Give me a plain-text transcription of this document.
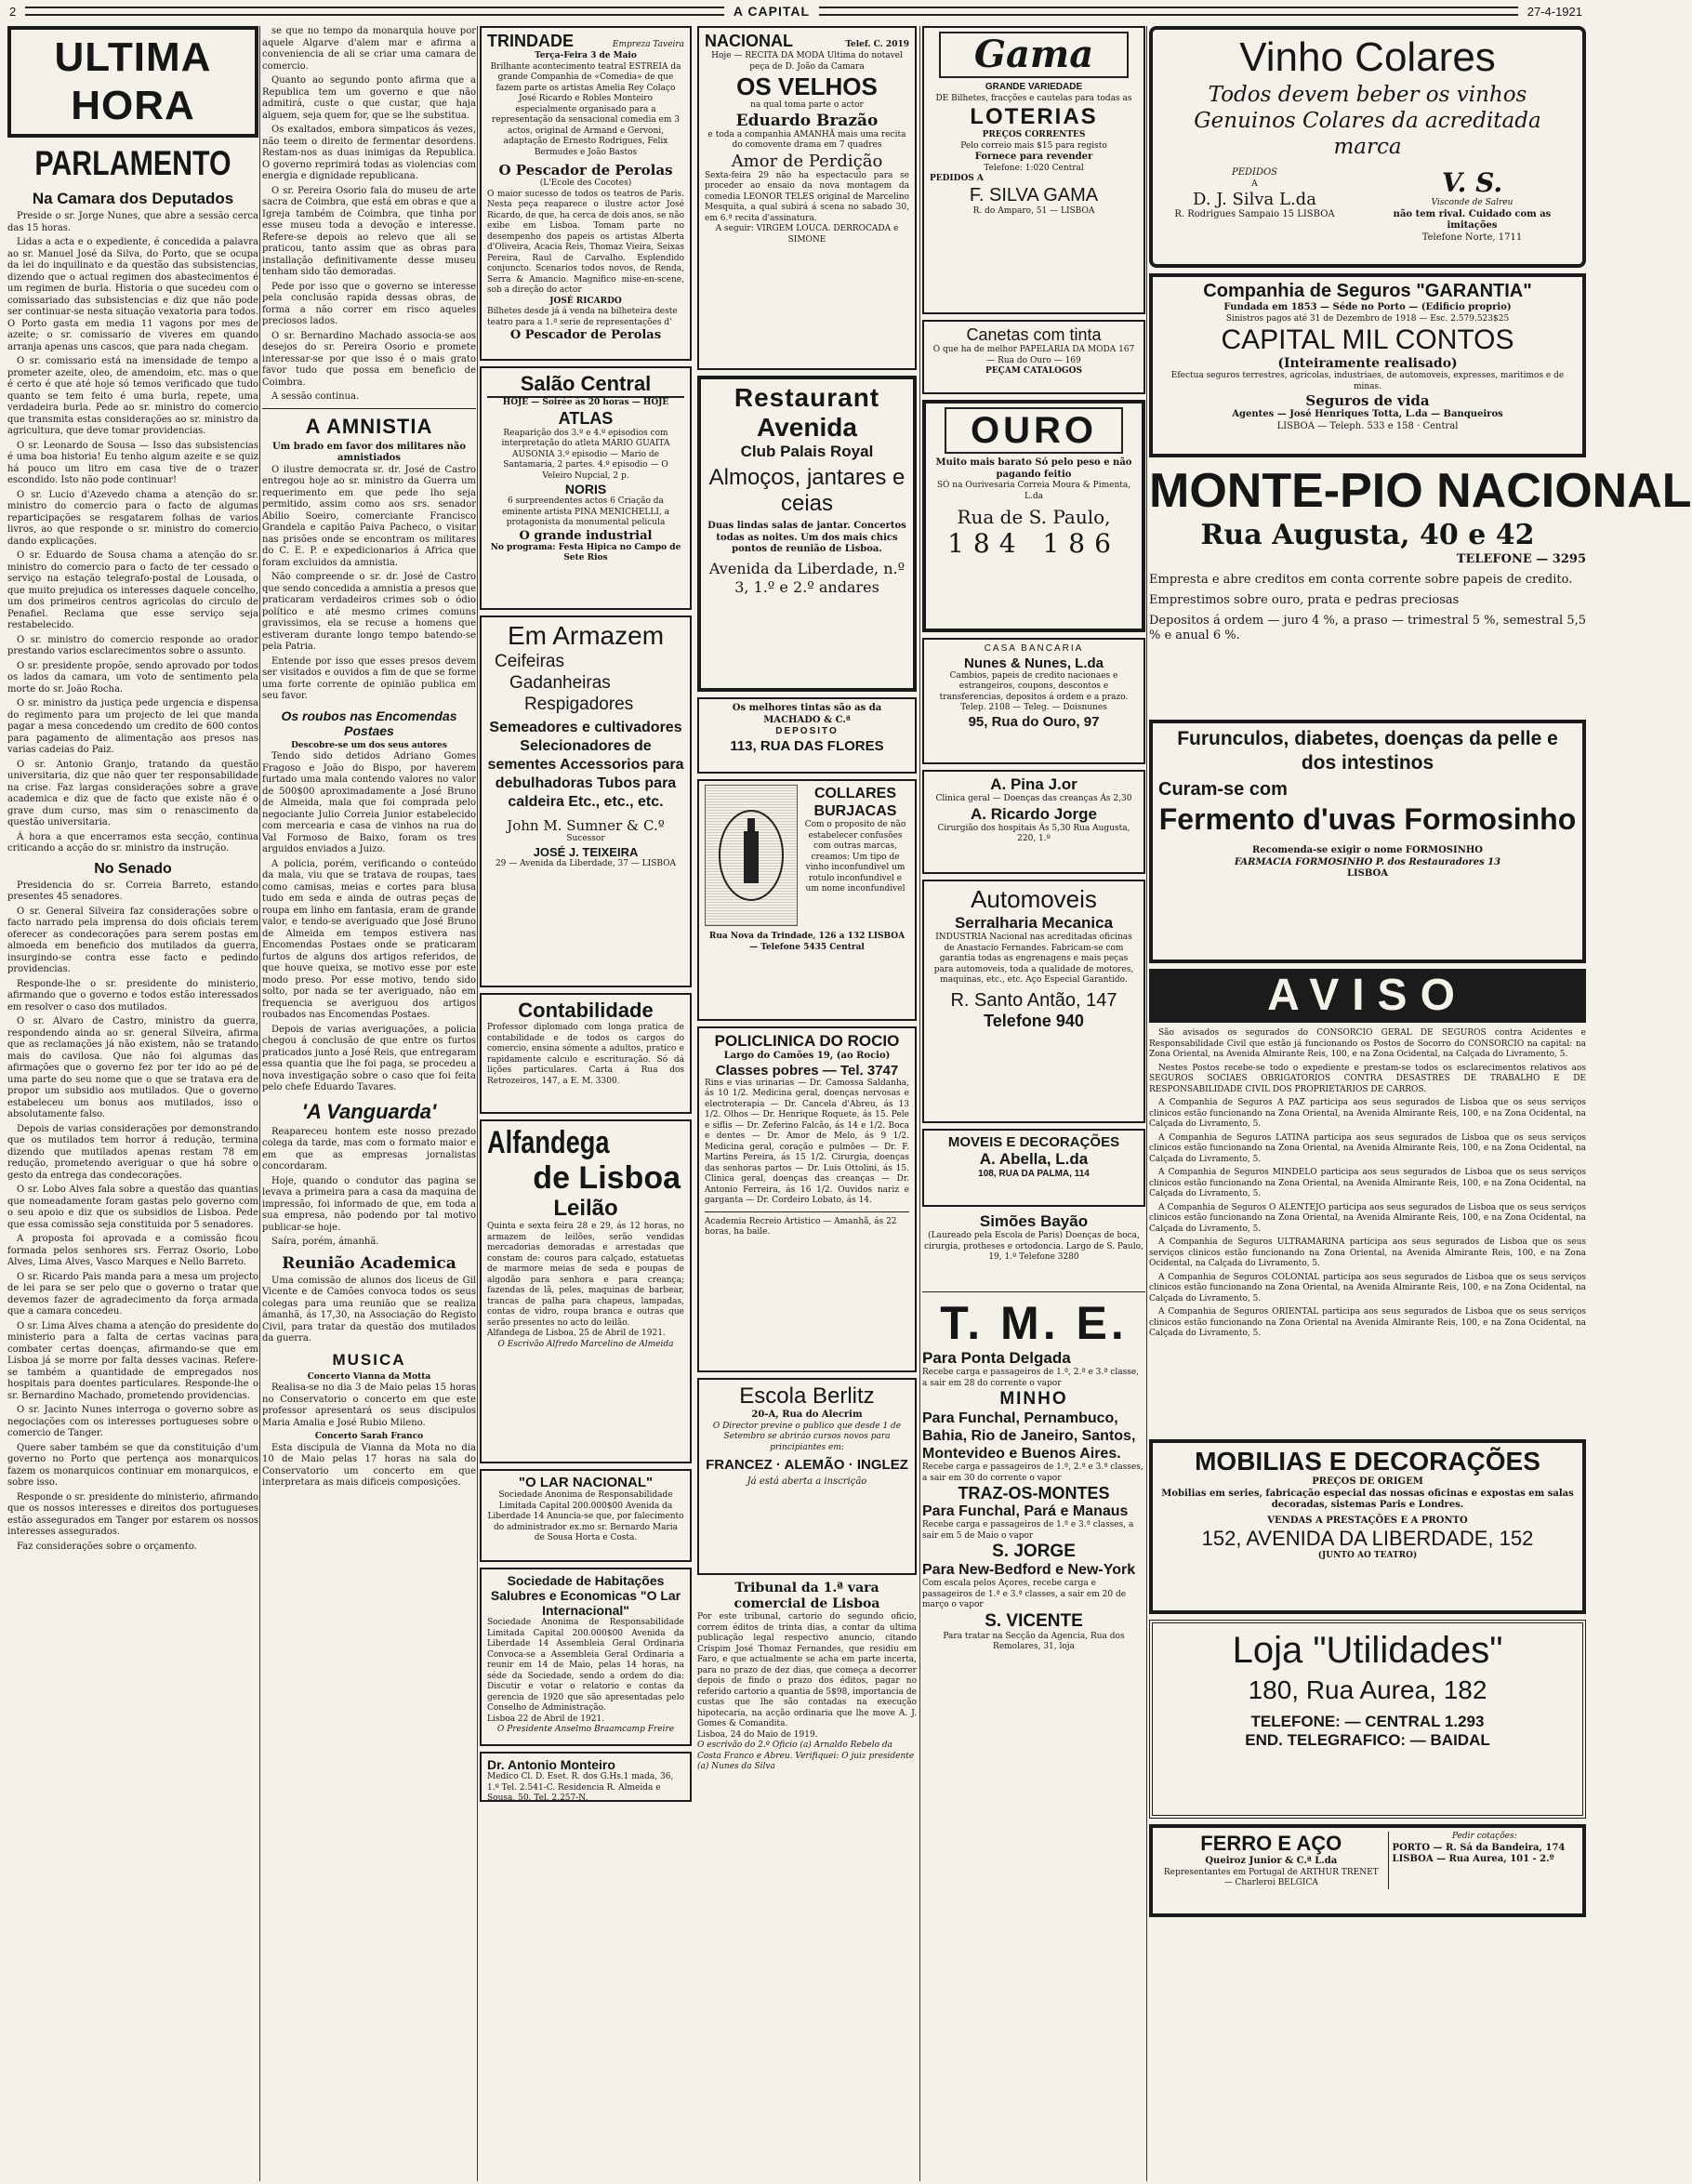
2	A CAPITAL	27-4-1921
ULTIMA HORA
PARLAMENTO
Na Camara dos Deputados

Preside o sr. Jorge Nunes, que abre a sessão cerca das 15 horas.

Lidas a acta e o expediente, é concedida a palavra ao sr. Manuel José da Silva, do Porto, que se ocupa da lei do inquilinato e da questão das subsistencias, dizendo que o actual regimen dos abastecimentos é um regimen de burla. Historia o que sucedeu com o comissariado das subsistencias e diz que não pode ser continuar-se nesta situação vexatoria para todos. O Porto gasta em media 11 vagons por mes de azeite; o sr. comissario de viveres em quando arranja apenas uns cascos, que para nada chegam.

O sr. comissario está na imensidade de tempo a prometer azeite, oleo, de amendoim, etc. mas o que é certo é que até hoje só temos verificado que tudo quanto se tem feito é uma burla, repete, uma verdadeira burla. Pede ao sr. ministro do comercio que transmita estas considerações ao sr. ministro da agricultura, que deve tomar providencias.

O sr. Leonardo de Sousa — Isso das subsistencias é uma boa historia! Eu tenho algum azeite e se quiz há pouco um litro em casa tive de o trazer escondido. Isto não pode continuar!

O sr. Lucio d'Azevedo chama a atenção do sr. ministro do comercio para o facto de algumas reparticipações se resgatarem folhas de varios livros, ao que responde o sr. ministro do comercio dando explicações.

O sr. Eduardo de Sousa chama a atenção do sr. ministro do comercio para o facto de ter cessado o serviço na estação telegrafo-postal de Lousada, o que muito prejudica os interesses daquele concelho, um dos primeiros centros agricolas do circulo de Penafiel. Reclama que esse serviço seja restabelecido.

O sr. ministro do comercio responde ao orador prestando varios esclarecimentos sobre o assunto.

O sr. presidente propõe, sendo aprovado por todos os lados da camara, um voto de sentimento pela morte do sr. João Rocha.

O sr. ministro da justiça pede urgencia e dispensa do regimento para um projecto de lei que manda pagar a mesa concedendo um credito de 600 contos para pagamento de alimentação aos presos nas varias cadeias do Paiz.

O sr. Antonio Granjo, tratando da questão universitaria, diz que não quer ter responsabilidade na crise. Faz largas considerações sobre a grave academica e diz que de facto que existe não é o grave dum curso, mas sim o renascimento da questão universitaria.

Á hora a que encerramos esta secção, continua criticando a acção do sr. ministro da instrução.

No Senado

Presidencia do sr. Correia Barreto, estando presentes 45 senadores.

O sr. General Silveira faz considerações sobre o facto narrado pela imprensa do dois oficiais terem oferecer as condecorações para serem postas em almoeda em beneficio dos mutilados da guerra, insurgindo-se contra esse facto e pedindo providencias.

Responde-lhe o sr. presidente do ministerio, afirmando que o governo e todos estão interessados em resolver o caso dos mutilados.

O sr. Alvaro de Castro, ministro da guerra, respondendo ainda ao sr. general Silveira, afirma que as reclamações já não existem, não se tratando mais do cavilosa. Que não foi algumas das afirmações que o governo fez por ter ido ao pé de uma parte do seu nome que o que se tratava era de propor um subsidio aos mutilados. Que o governo estabeleceu um bonus aos mutilados, isso o absolutamente falso.

Depois de varias considerações por demonstrando que os mutilados tem horror á redução, termina dizendo que mutilados apenas restam 78 em redução, prometendo averiguar o que há sobre o gesto da entrega das condecorações.

O sr. Lobo Alves fala sobre a questão das quantias que nomeadamente foram gastas pelo governo com o seu apoio e diz que os subsidios de Lisboa. Pede que essa comissão seja constituida por 5 senadores.

A proposta foi aprovada e a comissão ficou formada pelos senhores srs. Ferraz Osorio, Lobo Alves, Lima Alves, Vasco Marques e Nello Barreto.

O sr. Ricardo Pais manda para a mesa um projecto de lei para se ser pelo que o governo o tratar que devemos fazer de agradecimento da força armada que a camara concedeu.

O sr. Lima Alves chama a atenção do presidente do ministerio para a falta de certas vacinas para combater certas doenças, afirmando-se que em Lisboa já se morre por falta desses vacinas. Refere-se também a quantidade de empregados nos hospitais para doentes particulares. Responde-lhe o sr. Bernardino Machado, prometendo providencias.

O sr. Jacinto Nunes interroga o governo sobre as negociações com os interesses portugueses sobre o comercio de Tanger.

Quere saber também se que da constituição d'um governo no Porto que pertença aos monarquicos fazem os monarquicos continuar em monarquicos, e sobre isso.

Responde o sr. presidente do ministerio, afirmando que os nossos interesses e direitos dos portugueses estão assegurados em Tanger por estarem os nossos interesses assegurados.

Faz considerações sobre o orçamento.

se que no tempo da monarquia houve por aquele Algarve d'alem mar e afirma a conveniencia de ali se criar uma camara de comercio.

Quanto ao segundo ponto afirma que a Republica tem um governo e que não admitirá, custe o que custar, que haja alguem, seja quem for, que se lhe substitua.

Os exaltados, embora simpaticos ás vezes, não teem o direito de fermentar desordens. Restam-nos as duas inimigas da Republica. O governo reprimirá todas as violencias com energia e dignidade republicana.

O sr. Pereira Osorio fala do museu de arte sacra de Coimbra, que está em obras e que a Igreja também de Coimbra, que tinha por esse museu toda a devoção e interesse. Refere-se depois ao relevo que ali se praticou, tanto assim que as obras para installação definitivamente desse museu tenham sido tão demoradas.

Pede por isso que o governo se interesse pela conclusão rapida dessas obras, de forma a não correr em risco aqueles preciosos lados.

O sr. Bernardino Machado associa-se aos desejos do sr. Pereira Osorio e promete interessar-se por que isso é o mais grato favor tudo que possa em beneficio de Coimbra.

A sessão continua.

A AMNISTIA
Um brado em favor dos militares não amnistiados

O ilustre democrata sr. dr. José de Castro entregou hoje ao sr. ministro da Guerra um requerimento em que pede lho seja permitido, assim como aos srs. senador Abilio Soeiro, comerciante Francisco Grandela e capitão Paiva Pacheco, o visitar nas prisões onde se encontram os militares do C. E. P. e expedicionarios á Africa que foram excluidos da amnistia.

Não compreende o sr. dr. José de Castro que sendo concedida a amnistia a presos que praticaram verdadeiros crimes sob o ódio político e até mesmo crimes comuns gravissimos, ela se recuse a homens que estiveram durante longo tempo batendo-se pela Patria.

Entende por isso que esses presos devem ser visitados e ouvidos a fim de que se forme uma forte corrente de opinião publica em seu favor.

Os roubos nas Encomendas Postaes
Descobre-se um dos seus autores

Tendo sido detidos Adriano Gomes Fragoso e João do Bispo, por haverem furtado uma mala contendo valores no valor de 500$00 aproximadamente a José Bruno de Almeida, mala que foi comprada pelo negociante Julio Correia Junior estabelecido com mercearia e casa de vinhos na rua do Val Formoso de Baixo, foram os tres arguidos enviados a Juizo.

A policia, porém, verificando o conteúdo da mala, viu que se tratava de roupas, taes como camisas, meias e cortes para blusa tudo em seda e ainda de outras peças de roupa em linho em fantasia, eram de grande valor, e tendo-se averiguado que José Bruno de Almeida em tempos estivera nas Encomendas Postaes onde se praticaram furtos de alguns dos artigos referidos, de que houve queixa, se motivo esse por este modo preso. Por esse motivo, tendo sido solto, por nada se ter averiguado, não em frequencia se averiguou dos artigos roubados nas Encomendas Postaes.

Depois de varias averiguações, a policia chegou á conclusão de que entre os furtos praticados junto a José Reis, que entregaram essa quantia que lhe foi paga, se procedeu a nova investigação sobre o caso que foi feita pelo chefe Eduardo Tavares.

'A Vanguarda'

Reapareceu hontem este nosso prezado colega da tarde, mas com o formato maior e em que as empresas jornalistas concordaram.

Hoje, quando o condutor das pagina se levava a primeira para a casa da maquina de impressão, foi informado de que, em toda a sua empresa, não podendo por tal motivo publicar-se hoje.

Saíra, porém, ámanhã.

Reunião Academica

Uma comissão de alunos dos liceus de Gil Vicente e de Camões convoca todos os seus colegas para uma reunião que se realiza ámanhã, ás 17,30, na Associação do Registo Civil, para tratar da questão dos mutilados da guerra.

MUSICA
Concerto Vianna da Motta

Realisa-se no dia 3 de Maio pelas 15 horas no Conservatorio o concerto em que este professor apresentará os seus discipulos Maria Amalia e José Rubio Mileno.

Concerto Sarah Franco

Esta discipula de Vianna da Mota no dia 10 de Maio pelas 17 horas na sala do Conservatorio um concerto em que interpretara as mais dificeis composições.

TRINDADE	Empreza Taveira
Terça-Feira 3 de Maio
Brilhante acontecimento teatral ESTREIA da grande Companhia de «Comedia» de que fazem parte os artistas Amelia Rey Colaço José Ricardo e Robles Monteiro especialmente organisado para a representação da sensacional comedia em 3 actos, original de Armand e Gervoni, adaptação de Ernesto Rodrigues, Felix Bermudes e João Bastos
O Pescador de Perolas
(L'Ecole des Cocotes)
O maior sucesso de todos os teatros de Paris. Nesta peça reaparece o ilustre actor José Ricardo, de que, ha cerca de dois anos, se não exibe em Lisboa. Tomam parte no desempenho dos papeis os artistas Alberta d'Oliveira, Acacia Reis, Thomaz Vieira, Seixas Pereira, Raul de Carvalho. Esplendido conjuncto. Scenarios todos novos, de Renda, Serra & Amancio. Magnifico mise-en-scene, sob a direção do actor
JOSÉ RICARDO
Bilhetes desde já á venda na bilheteira deste teatro para a 1.ª serie de representações d'
O Pescador de Perolas
Salão Central
HOJE — Soirée ás 20 horas — HOJE
ATLAS
Reaparição dos 3.º e 4.º episodios com interpretação do atleta MARIO GUAITA AUSONIA 3.º episodio — Mario de Santamaria, 2 partes. 4.º episodio — O Veleiro Nupcial, 2 p.
NORIS
6 surpreendentes actos 6 Criação da eminente artista PINA MENICHELLI, a protagonista da monumental pelicula
O grande industrial
No programa: Festa Hipica no Campo de Sete Rios
Em Armazem
Ceifeiras
Gadanheiras
Respigadores
Semeadores e cultivadores Selecionadores de sementes Accessorios para debulhadoras Tubos para caldeira Etc., etc., etc.
John M. Sumner & C.º
Sucessor
JOSÉ J. TEIXEIRA
29 — Avenida da Liberdade, 37 — LISBOA
Contabilidade
Professor diplomado com longa pratica de contabilidade e de todos os cargos do comercio, ensina sómente a adultos, pratico e rapidamente calculo e escrituração. Só dá lições particulares. Carta á Rua dos Retrozeiros, 147, a E. M. 3300.
Alfandega
de Lisboa
Leilão
Quinta e sexta feira 28 e 29, ás 12 horas, no armazem de leilões, serão vendidas mercadorias demoradas e arrestadas que constam de: couros para calçado, estatuetas de marmore meias de seda e poupas de algodão para senhora e para creança; fazendas de lã, peles, maquinas de barbear, trancas de palha para chapeus, lampadas, contas de vidro, roupa branca e outras que serão presentes no acto do leilão.
Alfandega de Lisboa, 25 de Abril de 1921.
O Escrivão Alfredo Marcelino de Almeida
"O LAR NACIONAL"
Sociedade Anonima de Responsabilidade Limitada Capital 200.000$00 Avenida da Liberdade 14 Anuncia-se que, por falecimento do administrador ex.mo sr. Bernardo Maria de Sousa Horta e Costa.
Sociedade de Habitações Salubres e Economicas "O Lar Internacional"
Sociedade Anonima de Responsabilidade Limitada Capital 200.000$00 Avenida da Liberdade 14 Assembleia Geral Ordinaria Convoca-se a Assembleia Geral Ordinaria a reunir em 14 de Maio, pelas 14 horas, na séde da Sociedade, sendo a ordem do dia: Discutir e votar o relatorio e contas da gerencia de 1920 que são apresentadas pelo Conselho de Administração.
Lisboa 22 de Abril de 1921.
O Presidente Anselmo Braamcamp Freire
Dr. Antonio Monteiro
Medico Cl. D. Eset. R. dos G.Hs.1 mada, 36, 1.º Tel. 2.541-C. Residencia R. Almeida e Sousa, 50. Tel. 2.257-N.
NACIONAL	Telef. C. 2019
Hoje — RECITA DA MODA Ultima do notavel peça de D. João da Camara
OS VELHOS
na qual toma parte o actor
Eduardo Brazão
e toda a companhia AMANHÃ mais uma recita do comovente drama em 7 quadres
Amor de Perdição
Sexta-feira 29 não ha espectaculo para se proceder ao ensaio da nova montagem da comedia LEONOR TELES original de Marcelino Mesquita, a qual subirá á scena no sabado 30, em 6.ª recita d'assinatura.
A seguir: VIRGEM LOUCA. DERROCADA e SIMONE
Restaurant
Avenida
Club Palais Royal
Almoços, jantares e ceias
Duas lindas salas de jantar. Concertos todas as noites. Um dos mais chics pontos de reunião de Lisboa.
Avenida da Liberdade, n.º 3, 1.º e 2.º andares
Os melhores tintas são as da MACHADO & C.ª
DEPOSITO
113, RUA DAS FLORES
COLLARES BURJACAS
Com o proposito de não estabelecer confusões com outras marcas, creamos: Um tipo de vinho inconfundivel um rotulo inconfundivel e um nome inconfundivel
Rua Nova da Trindade, 126 a 132 LISBOA — Telefone 5435 Central
POLICLINICA DO ROCIO
Largo do Camões 19, (ao Rocio)
Classes pobres — Tel. 3747
Rins e vias urinarias — Dr. Camossa Saldanha, ás 10 1/2. Medicina geral, doenças nervosas e electroterapia — Dr. Cancela d'Abreu, ás 13 1/2. Olhos — Dr. Henrique Roquete, ás 15. Pele e siflis — Dr. Zeferino Falcão, ás 14 e 1/2. Boca e dentes — Dr. Amor de Melo, ás 9 1/2. Medicina geral, coração e pulmões — Dr. F. Martins Pereira, ás 15 1/2. Cirurgia, doenças das senhoras partos — Dr. Luis Ottolini, ás 15. Clinica geral, doenças das creanças — Dr. Antonio Ferreira, ás 16 1/2. Ouvidos nariz e garganta — Dr. Cordeiro Lobato, ás 14.
Academia Recreio Artistico — Amanhã, ás 22 horas, ha baile.
Escola Berlitz
20-A, Rua do Alecrim
O Director previne o publico que desde 1 de Setembro se abriráo cursos novos para principiantes em:
FRANCEZ · ALEMÃO · INGLEZ
Já está aberta a inscrição
Tribunal da 1.ª vara comercial de Lisboa
Por este tribunal, cartorio do segundo oficio, correm éditos de trinta dias, a contar da ultima publicação legal respectivo anuncio, citando Crispim José Thomaz Fernandes, que residiu em Faro, e que actualmente se acha em parte incerta, para no prazo de dez dias, que começa a decorrer depois de findo o prazo dos éditos, pagar no referido cartorio a quantia de 5$98, importancia de custas que lhe são contadas na execução hipotecaria, na acção ordinaria que lhe move A. J. Gomes & Comandita.
Lisboa, 24 do Maio de 1919.
O escrivão do 2.º Oficio (a) Arnaldo Rebelo da Costa Franco e Abreu. Verifiquei: O juiz presidente (a) Nunes da Silva
Gama
GRANDE VARIEDADE
DE Bilhetes, fracções e cautelas para todas as
LOTERIAS
PREÇOS CORRENTES
Pelo correio mais $15 para registo
Fornece para revender
Telefone: 1:020 Central
PEDIDOS A
F. SILVA GAMA
R. do Amparo, 51 — LISBOA
Canetas com tinta
O que ha de melhor PAPELARIA DA MODA 167 — Rua do Ouro — 169
PEÇAM CATALOGOS
OURO
Muito mais barato Só pelo peso e não pagando feitio
SÓ na Ourivesaria Correia Moura & Pimenta, L.da
Rua de S. Paulo,
184 186
CASA BANCARIA
Nunes & Nunes, L.da
Cambios, papeis de credito nacionaes e estrangeiros, coupons, descontos e transferencias, depositos á ordem e a prazo.
Telep. 2108 — Teleg. — Doisnunes
95, Rua do Ouro, 97
A. Pina J.or
Clinica geral — Doenças das creanças Ás 2,30
A. Ricardo Jorge
Cirurgião dos hospitais Ás 5,30 Rua Augusta, 220, 1.º
Automoveis
Serralharia Mecanica
INDUSTRIA Nacional nas acreditadas oficinas de Anastacio Fernandes. Fabricam-se com garantia todas as engrenagens e mais peças para automoveis, toda a qualidade de motores, maquinas, etc., etc. Aço Especial Garantido.
R. Santo Antão, 147
Telefone 940
MOVEIS E DECORAÇÕES
A. Abella, L.da
108, RUA DA PALMA, 114
Simões Bayão
(Laureado pela Escola de Paris) Doenças de boca, cirurgia, protheses e ortodoncia. Largo de S. Paulo, 19, 1.º Telefone 3280
T. M. E.
Para Ponta Delgada
Recebe carga e passageiros de 1.ª, 2.ª e 3.ª classe, a sair em 28 do corrente o vapor
MINHO
Para Funchal, Pernambuco, Bahia, Rio de Janeiro, Santos, Montevideo e Buenos Aires.
Recebe carga e passageiros de 1.ª, 2.ª e 3.ª classes, a sair em 30 do corrente o vapor
TRAZ-OS-MONTES
Para Funchal, Pará e Manaus
Recebe carga e passageiros de 1.ª e 3.ª classes, a sair em 5 de Maio o vapor
S. JORGE
Para New-Bedford e New-York
Com escala pelos Açores, recebe carga e passageiros de 1.ª e 3.ª classes, a sair em 20 de março o vapor
S. VICENTE
Para tratar na Secção da Agencia, Rua dos Remolares, 31, loja
Vinho Colares
Todos devem beber os vinhos Genuinos Colares da acreditada marca
PEDIDOS
A
D. J. Silva L.da
R. Rodrigues Sampaio 15 LISBOA
V. S.
Visconde de Salreu
não tem rival. Cuidado com as imitações
Telefone Norte, 1711
Companhia de Seguros "GARANTIA"
Fundada em 1853 — Séde no Porto — (Edificio proprio)
Sinistros pagos até 31 de Dezembro de 1918 — Esc. 2.579.523$25
CAPITAL MIL CONTOS
(Inteiramente realisado)
Efectua seguros terrestres, agricolas, industriaes, de automoveis, expresses, maritimos e de minas.
Seguros de vida
Agentes — José Henriques Totta, L.da — Banqueiros
LISBOA — Teleph. 533 e 158 · Central
MONTE-PIO NACIONAL
Rua Augusta, 40 e 42
TELEFONE — 3295
Empresta e abre creditos em conta corrente sobre papeis de credito.
Emprestimos sobre ouro, prata e pedras preciosas
Depositos á ordem — juro 4 %, a praso — trimestral 5 %, semestral 5,5 % e anual 6 %.
Furunculos, diabetes, doenças da pelle e dos intestinos
Curam-se com
Fermento d'uvas Formosinho
Recomenda-se exigir o nome FORMOSINHO
FARMACIA FORMOSINHO P. dos Restauradores 13
LISBOA
AVISO

São avisados os segurados do CONSORCIO GERAL DE SEGUROS contra Acidentes e Responsabilidade Civil que estão já funcionando os Postos de Socorro do CONSORCIO na capital: na Zona Oriental, na Avenida Almirante Reis, 100, e na Zona Ocidental, na Calçada do Livramento, 5.

Nestes Postos recebe-se todo o expediente e prestam-se todos os esclarecimentos relativos aos SEGUROS SOCIAES OBRIGATORIOS CONTRA DESASTRES DE TRABALHO E DE RESPONSABILIDADE CIVIL DOS PROPRIETARIOS DE CARROS.

A Companhia de Seguros A PAZ participa aos seus segurados de Lisboa que os seus serviços clinicos estão funcionando na Zona Oriental, na Avenida Almirante Reis, 100, e na Zona Ocidental, na Calçada do Livramento, 5.

A Companhia de Seguros LATINA participa aos seus segurados de Lisboa que os seus serviços clinicos estão funcionando na Zona Oriental, na Avenida Almirante Reis, 100, e na Zona Ocidental, na Calçada do Livramento, 5.

A Companhia de Seguros MINDELO participa aos seus segurados de Lisboa que os seus serviços clinicos estão funcionando na Zona Oriental, na Avenida Almirante Reis, 100, e na Zona Ocidental, na Calçada do Livramento, 5.

A Companhia de Seguros O ALENTEJO participa aos seus segurados de Lisboa que os seus serviços clinicos estão funcionando na Zona Oriental, na Avenida Almirante Reis, 100, e na Zona Ocidental, na Calçada do Livramento, 5.

A Companhia de Seguros ULTRAMARINA participa aos seus segurados de Lisboa que os seus serviços clinicos estão funcionando na Zona Oriental, na Avenida Almirante Reis, 100, e na Zona Ocidental, na Calçada do Livramento, 5.

A Companhia de Seguros COLONIAL participa aos seus segurados de Lisboa que os seus serviços clinicos estão funcionando na Zona Oriental, na Avenida Almirante Reis, 100, e na Zona Ocidental, na Calçada do Livramento, 5.

A Companhia de Seguros ORIENTAL participa aos seus segurados de Lisboa que os seus serviços clinicos estão funcionando na Zona Oriental na Avenida Almirante Reis, 100, e na Zona Ocidental, na Calçada do Livramento, 5.

MOBILIAS E DECORAÇÕES
PREÇOS DE ORIGEM
Mobilias em series, fabricação especial das nossas oficinas e expostas em salas decoradas, sistemas Paris e Londres.
VENDAS A PRESTAÇÕES E A PRONTO
152, AVENIDA DA LIBERDADE, 152
(JUNTO AO TEATRO)
Loja "Utilidades"
180, Rua Aurea, 182
TELEFONE: — CENTRAL 1.293
END. TELEGRAFICO: — BAIDAL
FERRO E AÇO
Queiroz Junior & C.ª L.da
Representantes em Portugal de ARTHUR TRENET — Charleroi BELGICA
Pedir cotações:
PORTO — R. Sá da Bandeira, 174
LISBOA — Rua Aurea, 101 - 2.º
